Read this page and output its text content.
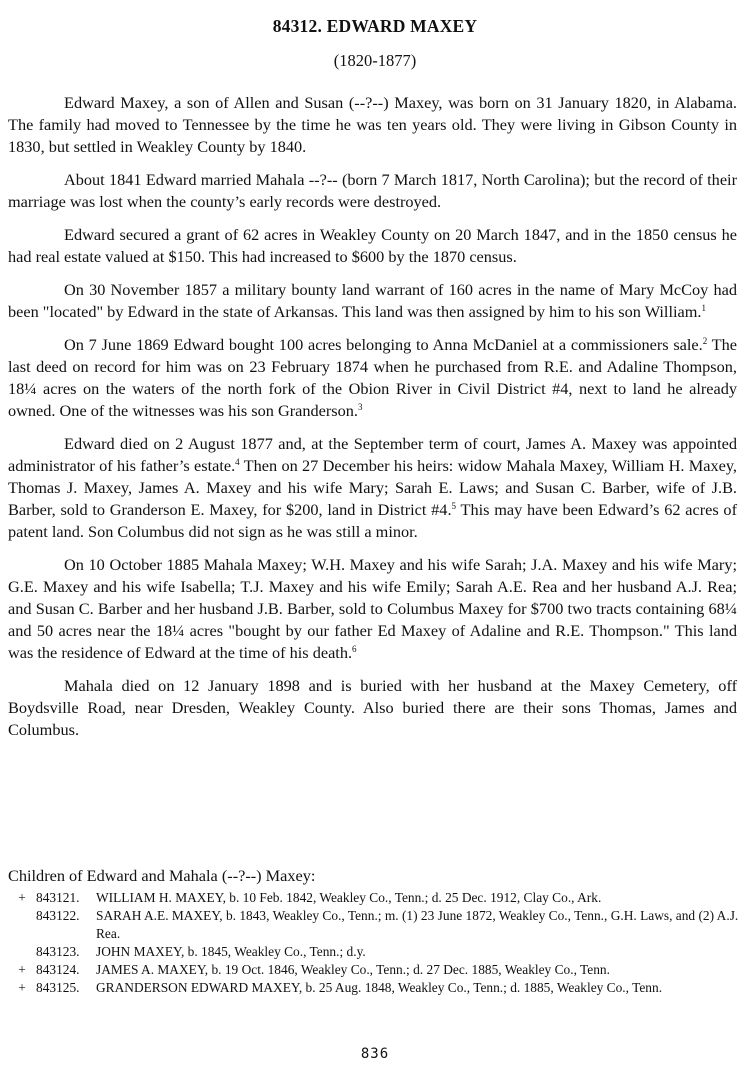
84312. EDWARD MAXEY
(1820-1877)

Edward Maxey, a son of Allen and Susan (--?--) Maxey, was born on 31 January 1820, in Alabama. The family had moved to Tennessee by the time he was ten years old. They were living in Gibson County in 1830, but settled in Weakley County by 1840.

About 1841 Edward married Mahala --?-- (born 7 March 1817, North Carolina); but the record of their marriage was lost when the county’s early records were destroyed.

Edward secured a grant of 62 acres in Weakley County on 20 March 1847, and in the 1850 census he had real estate valued at $150. This had increased to $600 by the 1870 census.

On 30 November 1857 a military bounty land warrant of 160 acres in the name of Mary McCoy had been "located" by Edward in the state of Arkansas. This land was then assigned by him to his son William.$^1$

On 7 June 1869 Edward bought 100 acres belonging to Anna McDaniel at a commissioners sale.$^2$ The last deed on record for him was on 23 February 1874 when he purchased from R.E. and Adaline Thompson, 18¼ acres on the waters of the north fork of the Obion River in Civil District #4, next to land he already owned. One of the witnesses was his son Granderson.$^3$

Edward died on 2 August 1877 and, at the September term of court, James A. Maxey was appointed administrator of his father’s estate.$^4$ Then on 27 December his heirs: widow Mahala Maxey, William H. Maxey, Thomas J. Maxey, James A. Maxey and his wife Mary; Sarah E. Laws; and Susan C. Barber, wife of J.B. Barber, sold to Granderson E. Maxey, for $200, land in District #4.$^5$ This may have been Edward’s 62 acres of patent land. Son Columbus did not sign as he was still a minor.

On 10 October 1885 Mahala Maxey; W.H. Maxey and his wife Sarah; J.A. Maxey and his wife Mary; G.E. Maxey and his wife Isabella; T.J. Maxey and his wife Emily; Sarah A.E. Rea and her husband A.J. Rea; and Susan C. Barber and her husband J.B. Barber, sold to Columbus Maxey for $700 two tracts containing 68¼ and 50 acres near the 18¼ acres "bought by our father Ed Maxey of Adaline and R.E. Thompson." This land was the residence of Edward at the time of his death.$^6$

Mahala died on 12 January 1898 and is buried with her husband at the Maxey Cemetery, off Boydsville Road, near Dresden, Weakley County. Also buried there are their sons Thomas, James and Columbus.

Children of Edward and Mahala (--?--) Maxey:
+ 843121.	WILLIAM H. MAXEY, b. 10 Feb. 1842, Weakley Co., Tenn.; d. 25 Dec. 1912, Clay Co., Ark.
843122.	SARAH A.E. MAXEY, b. 1843, Weakley Co., Tenn.; m. (1) 23 June 1872, Weakley Co., Tenn., G.H. Laws, and (2) A.J. Rea.
843123.	JOHN MAXEY, b. 1845, Weakley Co., Tenn.; d.y.
+ 843124.	JAMES A. MAXEY, b. 19 Oct. 1846, Weakley Co., Tenn.; d. 27 Dec. 1885, Weakley Co., Tenn.
+ 843125.	GRANDERSON EDWARD MAXEY, b. 25 Aug. 1848, Weakley Co., Tenn.; d. 1885, Weakley Co., Tenn.
836
